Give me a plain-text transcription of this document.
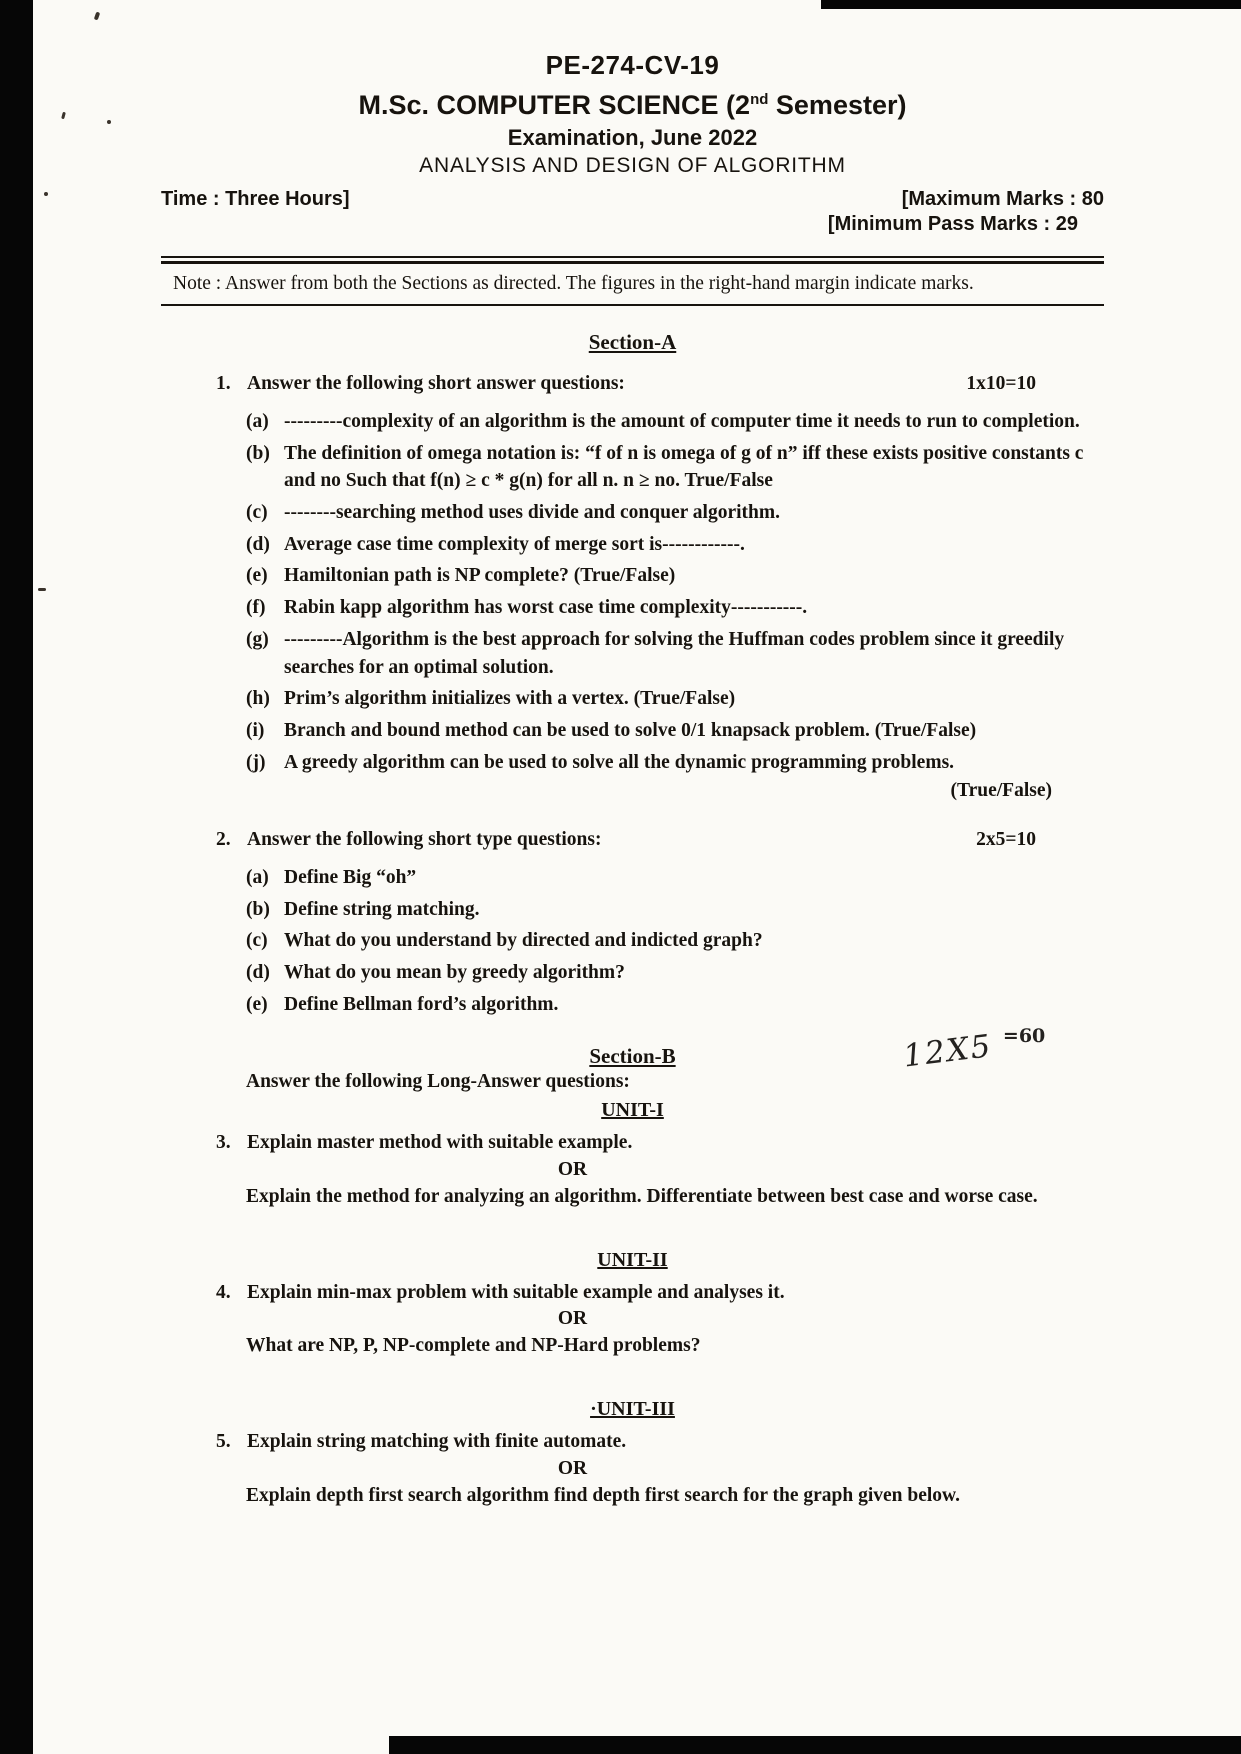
PE-274-CV-19
M.Sc. COMPUTER SCIENCE (2nd Semester)
Examination, June 2022
ANALYSIS AND DESIGN OF ALGORITHM
Time : Three Hours]	[Maximum Marks : 80
[Minimum Pass Marks : 29
Note : Answer from both the Sections as directed. The figures in the right-hand margin indicate marks.
Section-A
1. Answer the following short answer questions:	1x10=10
(a) ---------complexity of an algorithm is the amount of computer time it needs to run to completion.
(b) The definition of omega notation is: “f of n is omega of g of n” iff these exists positive constants c and no Such that f(n) ≥ c * g(n) for all n. n ≥ no. True/False
(c) --------searching method uses divide and conquer algorithm.
(d) Average case time complexity of merge sort is------------.
(e) Hamiltonian path is NP complete? (True/False)
(f) Rabin kapp algorithm has worst case time complexity-----------.
(g) ---------Algorithm is the best approach for solving the Huffman codes problem since it greedily searches for an optimal solution.
(h) Prim’s algorithm initializes with a vertex. (True/False)
(i)	Branch and bound method can be used to solve 0/1 knapsack problem. (True/False)
(j) A greedy algorithm can be used to solve all the dynamic programming problems.
(True/False)
2. Answer the following short type questions:	2x5=10
(a) Define Big “oh”
(b) Define string matching.
(c) What do you understand by directed and indicted graph?
(d) What do you mean by greedy algorithm?
(e) Define Bellman ford’s algorithm.
Section-B	12X5 =60
Answer the following Long-Answer questions:
UNIT-I
3. Explain master method with suitable example.
OR
Explain the method for analyzing an algorithm. Differentiate between best case and worse case.
UNIT-II
4. Explain min-max problem with suitable example and analyses it.
OR
What are NP, P, NP-complete and NP-Hard problems?
·UNIT-III
5. Explain string matching with finite automate.
OR
Explain depth first search algorithm find depth first search for the graph given below.
